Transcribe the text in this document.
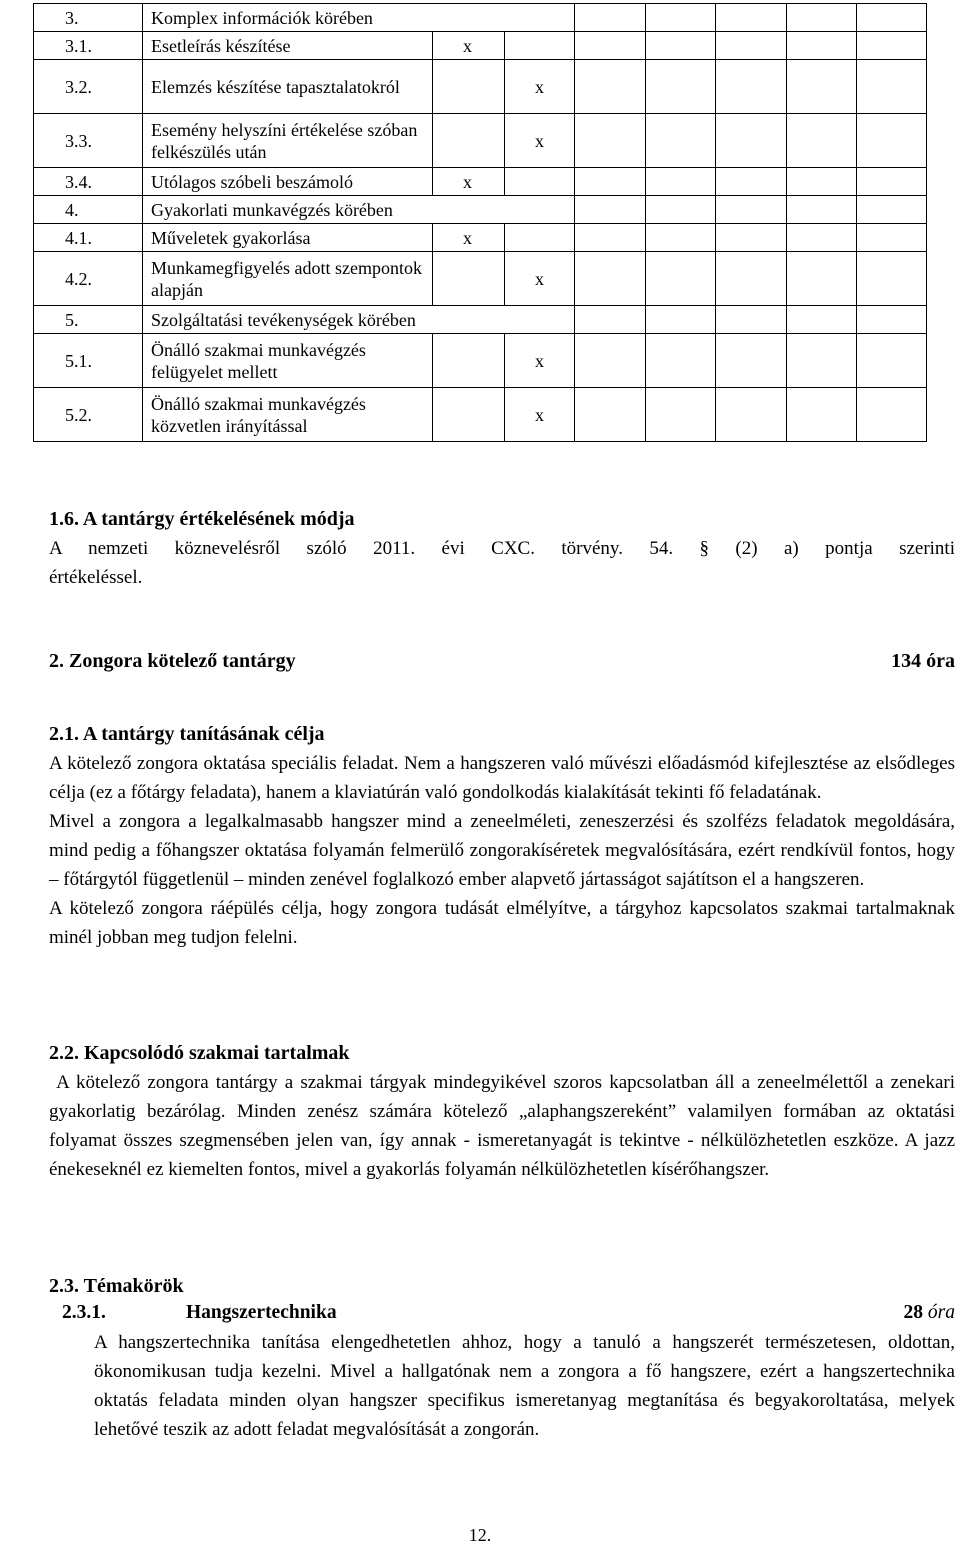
3.	Komplex információk körében							
3.1.	Esetleírás készítése	x						
3.2.	Elemzés készítése tapasztalatokról		x					
3.3.	Esemény helyszíni értékelése szóban felkészülés után		x					
3.4.	Utólagos szóbeli beszámoló	x						
4.	Gyakorlati munkavégzés körében							
4.1.	Műveletek gyakorlása	x						
4.2.	Munkamegfigyelés adott szempontok alapján		x					
5.	Szolgáltatási tevékenységek körében							
5.1.	Önálló szakmai munkavégzés felügyelet mellett		x					
5.2.	Önálló szakmai munkavégzés közvetlen irányítással		x					
1.6. A tantárgy értékelésének módja
A nemzeti köznevelésről szóló 2011. évi CXC. törvény. 54. § (2) a) pontja szerinti
értékeléssel.
2. Zongora kötelező tantárgy	134 óra
2.1. A tantárgy tanításának célja

A kötelező zongora oktatása speciális feladat. Nem a hangszeren való művészi előadásmód kifejlesztése az elsődleges célja (ez a főtárgy feladata), hanem a klaviatúrán való gondolkodás kialakítását tekinti fő feladatának.

Mivel a zongora a legalkalmasabb hangszer mind a zeneelméleti, zeneszerzési és szolfézs feladatok megoldására, mind pedig a főhangszer oktatása folyamán felmerülő zongorakíséretek megvalósítására, ezért rendkívül fontos, hogy – főtárgytól függetlenül – minden zenével foglalkozó ember alapvető jártasságot sajátítson el a hangszeren.

A kötelező zongora ráépülés célja, hogy zongora tudását elmélyítve, a tárgyhoz kapcsolatos szakmai tartalmaknak minél jobban meg tudjon felelni.

2.2. Kapcsolódó szakmai tartalmak

A kötelező zongora tantárgy a szakmai tárgyak mindegyikével szoros kapcsolatban áll a zeneelmélettől a zenekari gyakorlatig bezárólag. Minden zenész számára kötelező „alaphangszereként” valamilyen formában az oktatási folyamat összes szegmensében jelen van, így annak - ismeretanyagát is tekintve - nélkülözhetetlen eszköze. A jazz énekeseknél ez kiemelten fontos, mivel a gyakorlás folyamán nélkülözhetetlen kísérőhangszer.

2.3. Témakörök
2.3.1.	Hangszertechnika	28 óra

A hangszertechnika tanítása elengedhetetlen ahhoz, hogy a tanuló a hangszerét természetesen, oldottan, ökonomikusan tudja kezelni. Mivel a hallgatónak nem a zongora a fő hangszere, ezért a hangszertechnika oktatás feladata minden olyan hangszer specifikus ismeretanyag megtanítása és begyakoroltatása, melyek lehetővé teszik az adott feladat megvalósítását a zongorán.

12.
